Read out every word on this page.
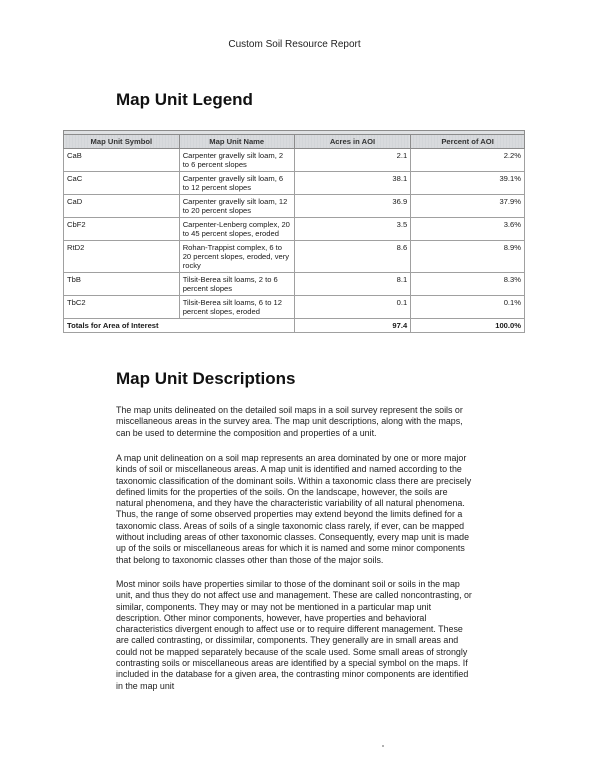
Custom Soil Resource Report
Map Unit Legend

Map Unit Symbol	Map Unit Name	Acres in AOI	Percent of AOI
CaB	Carpenter gravelly silt loam, 2 to 6 percent slopes	2.1	2.2%
CaC	Carpenter gravelly silt loam, 6 to 12 percent slopes	38.1	39.1%
CaD	Carpenter gravelly silt loam, 12 to 20 percent slopes	36.9	37.9%
CbF2	Carpenter-Lenberg complex, 20 to 45 percent slopes, eroded	3.5	3.6%
RtD2	Rohan-Trappist complex, 6 to 20 percent slopes, eroded, very rocky	8.6	8.9%
TbB	Tilsit-Berea silt loams, 2 to 6 percent slopes	8.1	8.3%
TbC2	Tilsit-Berea silt loams, 6 to 12 percent slopes, eroded	0.1	0.1%
Totals for Area of Interest		97.4	100.0%
Map Unit Descriptions

The map units delineated on the detailed soil maps in a soil survey represent the soils or miscellaneous areas in the survey area. The map unit descriptions, along with the maps, can be used to determine the composition and properties of a unit.

A map unit delineation on a soil map represents an area dominated by one or more major kinds of soil or miscellaneous areas. A map unit is identified and named according to the taxonomic classification of the dominant soils. Within a taxonomic class there are precisely defined limits for the properties of the soils. On the landscape, however, the soils are natural phenomena, and they have the characteristic variability of all natural phenomena. Thus, the range of some observed properties may extend beyond the limits defined for a taxonomic class. Areas of soils of a single taxonomic class rarely, if ever, can be mapped without including areas of other taxonomic classes. Consequently, every map unit is made up of the soils or miscellaneous areas for which it is named and some minor components that belong to taxonomic classes other than those of the major soils.

Most minor soils have properties similar to those of the dominant soil or soils in the map unit, and thus they do not affect use and management. These are called noncontrasting, or similar, components. They may or may not be mentioned in a particular map unit description. Other minor components, however, have properties and behavioral characteristics divergent enough to affect use or to require different management. These are called contrasting, or dissimilar, components. They generally are in small areas and could not be mapped separately because of the scale used. Some small areas of strongly contrasting soils or miscellaneous areas are identified by a special symbol on the maps. If included in the database for a given area, the contrasting minor components are identified in the map unit
